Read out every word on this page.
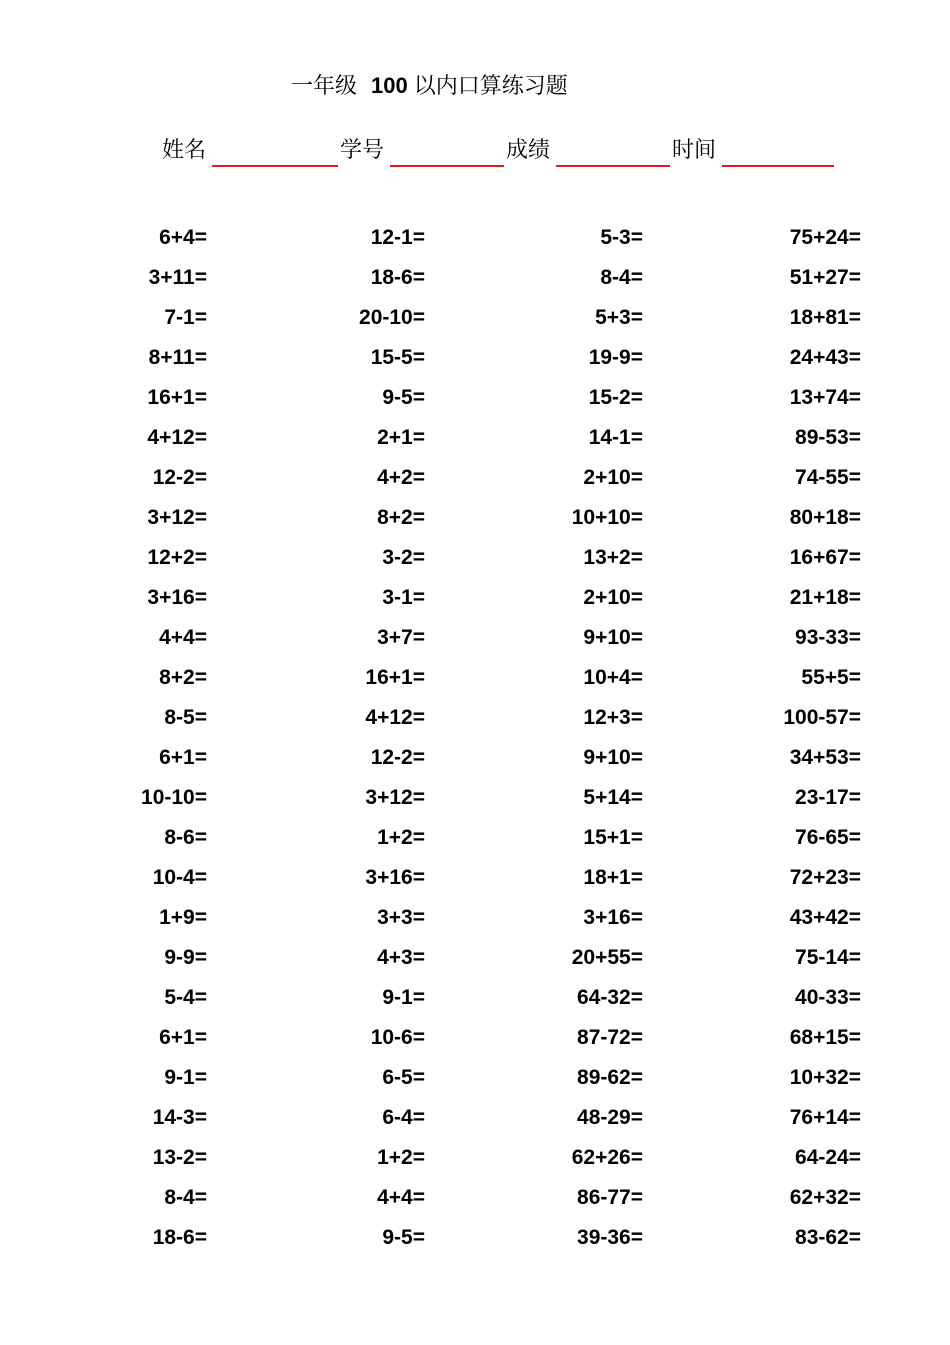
一年级 100 以内口算练习题
姓名	学号	成绩	时间
6+4=	12-1=	5-3=	75+24=
3+11=	18-6=	8-4=	51+27=
7-1=	20-10=	5+3=	18+81=
8+11=	15-5=	19-9=	24+43=
16+1=	9-5=	15-2=	13+74=
4+12=	2+1=	14-1=	89-53=
12-2=	4+2=	2+10=	74-55=
3+12=	8+2=	10+10=	80+18=
12+2=	3-2=	13+2=	16+67=
3+16=	3-1=	2+10=	21+18=
4+4=	3+7=	9+10=	93-33=
8+2=	16+1=	10+4=	55+5=
8-5=	4+12=	12+3=	100-57=
6+1=	12-2=	9+10=	34+53=
10-10=	3+12=	5+14=	23-17=
8-6=	1+2=	15+1=	76-65=
10-4=	3+16=	18+1=	72+23=
1+9=	3+3=	3+16=	43+42=
9-9=	4+3=	20+55=	75-14=
5-4=	9-1=	64-32=	40-33=
6+1=	10-6=	87-72=	68+15=
9-1=	6-5=	89-62=	10+32=
14-3=	6-4=	48-29=	76+14=
13-2=	1+2=	62+26=	64-24=
8-4=	4+4=	86-77=	62+32=
18-6=	9-5=	39-36=	83-62=
